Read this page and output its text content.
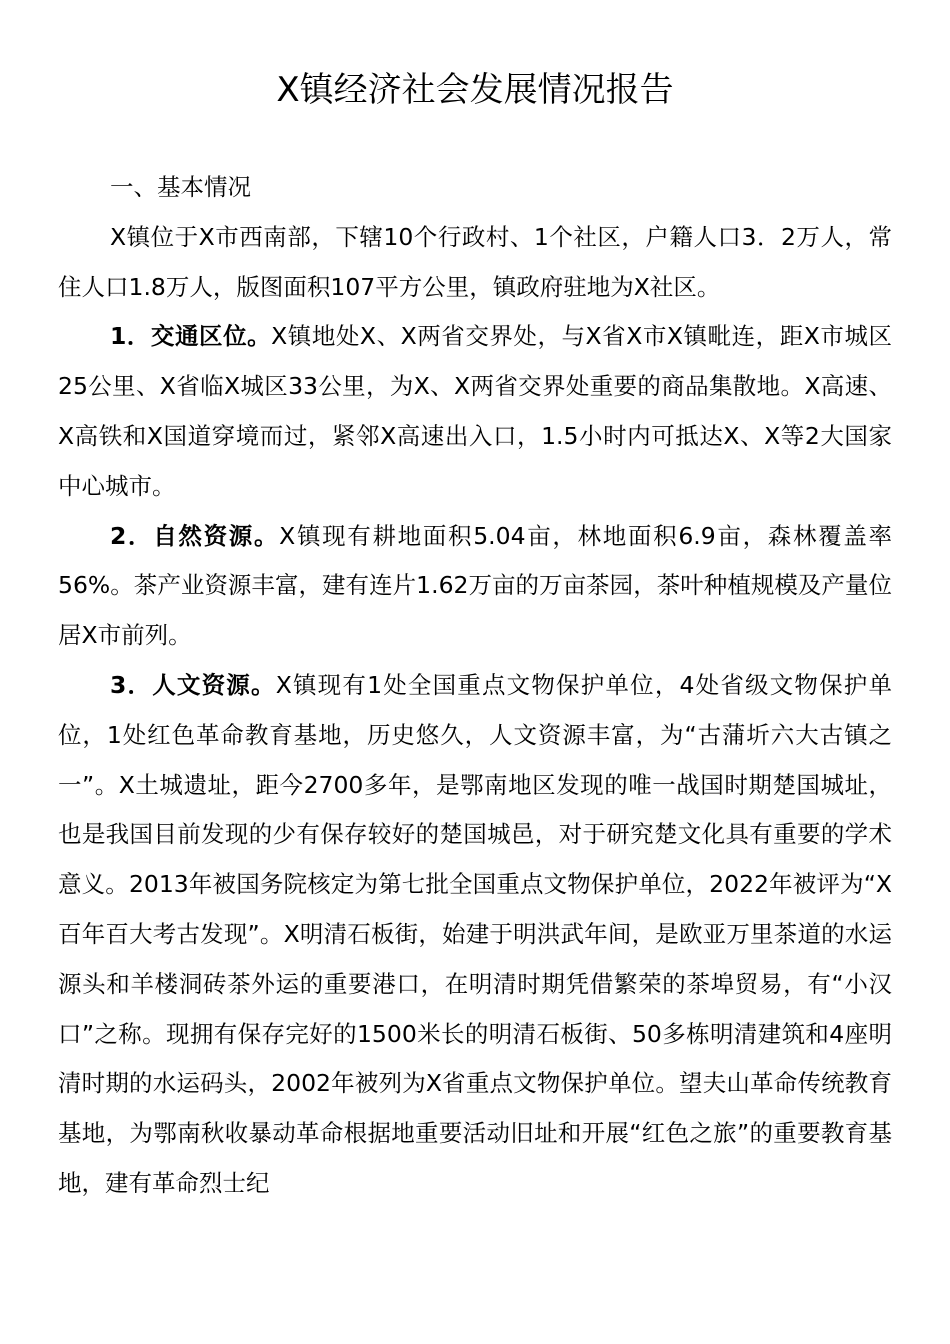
X镇经济社会发展情况报告

一、基本情况

X镇位于X市西南部，下辖10个行政村、1个社区，户籍人口3．2万人，常住人口1.8万人，版图面积107平方公里，镇政府驻地为X社区。

1．交通区位。X镇地处X、X两省交界处，与X省X市X镇毗连，距X市城区25公里、X省临X城区33公里，为X、X两省交界处重要的商品集散地。X高速、X高铁和X国道穿境而过，紧邻X高速出入口，1.5小时内可抵达X、X等2大国家中心城市。

2．自然资源。X镇现有耕地面积5.04亩，林地面积6.9亩，森林覆盖率56%。茶产业资源丰富，建有连片1.62万亩的万亩茶园，茶叶种植规模及产量位居X市前列。

3．人文资源。X镇现有1处全国重点文物保护单位，4处省级文物保护单位，1处红色革命教育基地，历史悠久，人文资源丰富，为“古蒲圻六大古镇之一”。X土城遗址，距今2700多年，是鄂南地区发现的唯一战国时期楚国城址，也是我国目前发现的少有保存较好的楚国城邑，对于研究楚文化具有重要的学术意义。2013年被国务院核定为第七批全国重点文物保护单位，2022年被评为“X百年百大考古发现”。X明清石板街，始建于明洪武年间，是欧亚万里茶道的水运源头和羊楼洞砖茶外运的重要港口，在明清时期凭借繁荣的茶埠贸易，有“小汉口”之称。现拥有保存完好的1500米长的明清石板街、50多栋明清建筑和4座明清时期的水运码头，2002年被列为X省重点文物保护单位。望夫山革命传统教育基地，为鄂南秋收暴动革命根据地重要活动旧址和开展“红色之旅”的重要教育基地，建有革命烈士纪
